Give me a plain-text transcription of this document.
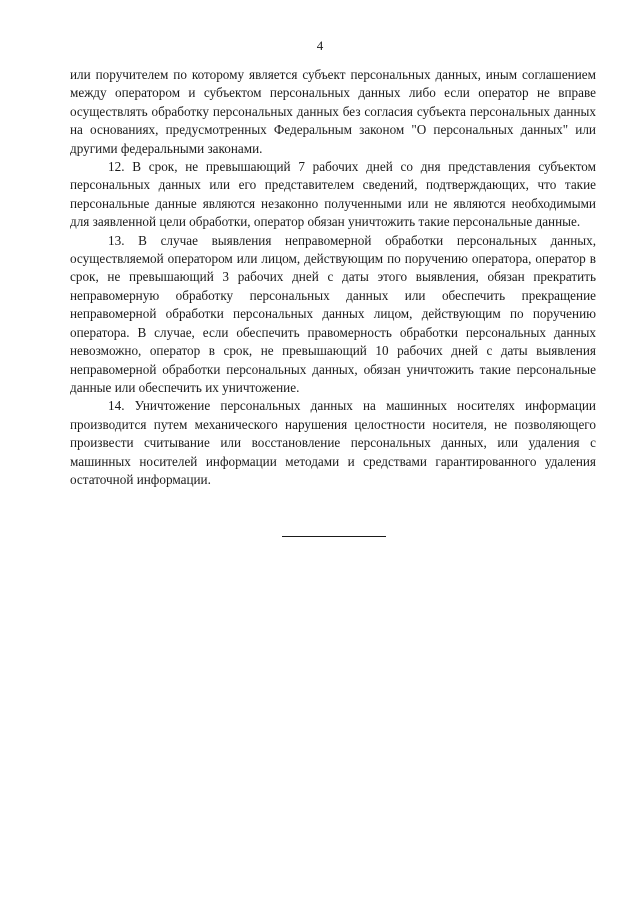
4

или поручителем по которому является субъект персональных данных, иным соглашением между оператором и субъектом персональных данных либо если оператор не вправе осуществлять обработку персональных данных без согласия субъекта персональных данных на основаниях, предусмотренных Федеральным законом "О персональных данных" или другими федеральными законами.

12. В срок, не превышающий 7 рабочих дней со дня представления субъектом персональных данных или его представителем сведений, подтверждающих, что такие персональные данные являются незаконно полученными или не являются необходимыми для заявленной цели обработки, оператор обязан уничтожить такие персональные данные.

13. В случае выявления неправомерной обработки персональных данных, осуществляемой оператором или лицом, действующим по поручению оператора, оператор в срок, не превышающий 3 рабочих дней с даты этого выявления, обязан прекратить неправомерную обработку персональных данных или обеспечить прекращение неправомерной обработки персональных данных лицом, действующим по поручению оператора. В случае, если обеспечить правомерность обработки персональных данных невозможно, оператор в срок, не превышающий 10 рабочих дней с даты выявления неправомерной обработки персональных данных, обязан уничтожить такие персональные данные или обеспечить их уничтожение.

14. Уничтожение персональных данных на машинных носителях информации производится путем механического нарушения целостности носителя, не позволяющего произвести считывание или восстановление персональных данных, или удаления с машинных носителей информации методами и средствами гарантированного удаления остаточной информации.
